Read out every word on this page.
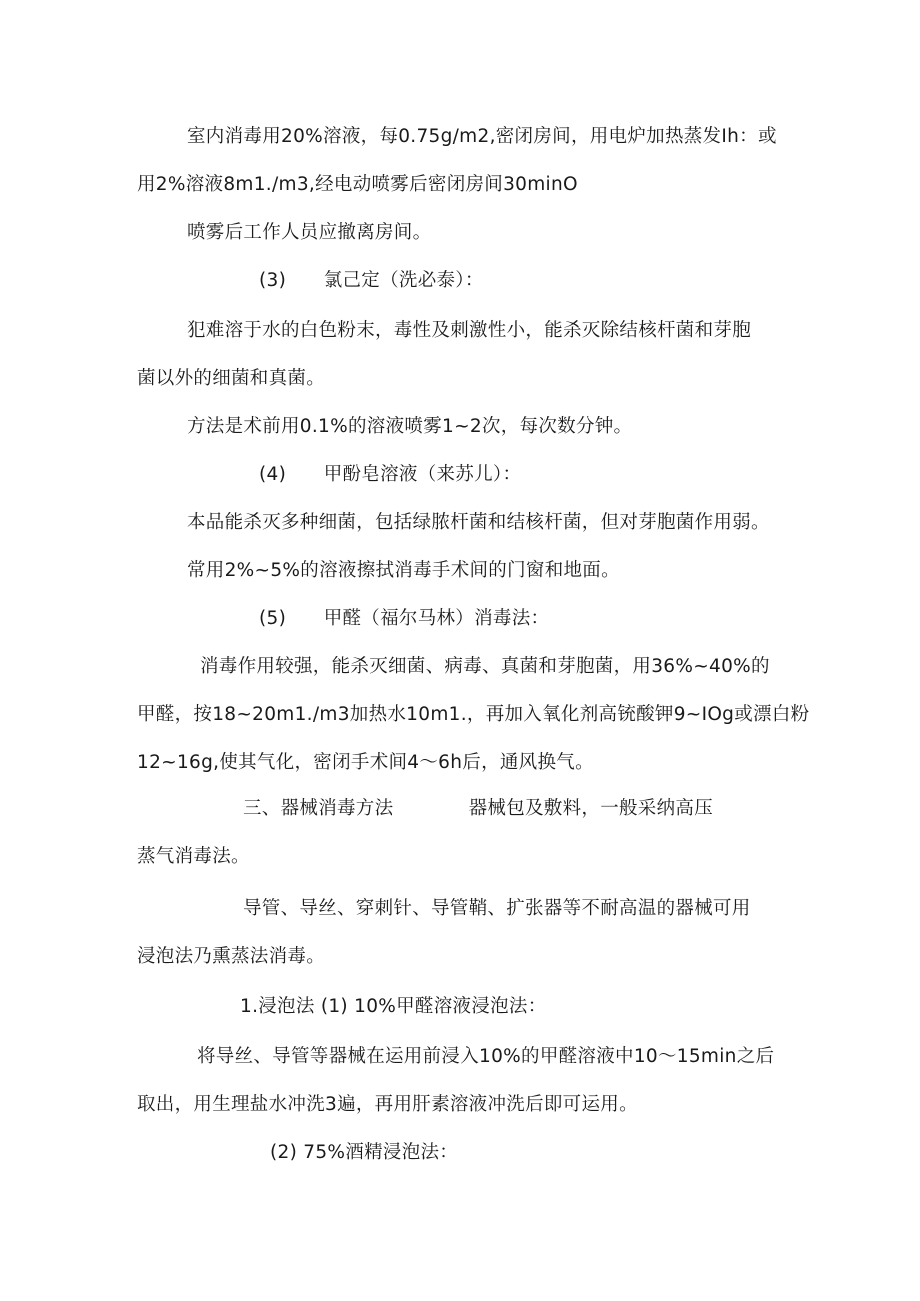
室内消毒用20%溶液，每0.75g/m2,密闭房间，用电炉加热蒸发Ih：或
用2%溶液8m1./m3,经电动喷雾后密闭房间30minO
喷雾后工作人员应撤离房间。
(3)　　氯己定（洗必泰）：
犯难溶于水的白色粉末，毒性及刺激性小，能杀灭除结核杆菌和芽胞
菌以外的细菌和真菌。
方法是术前用0.1%的溶液喷雾1~2次，每次数分钟。
(4)　　甲酚皂溶液（来苏儿）：
本品能杀灭多种细菌，包括绿脓杆菌和结核杆菌，但对芽胞菌作用弱。
常用2%~5%的溶液擦拭消毒手术间的门窗和地面。
(5)　　甲醛（福尔马林）消毒法：
消毒作用较强，能杀灭细菌、病毒、真菌和芽胞菌，用36%~40%的
甲醛，按18~20m1./m3加热水10m1.，再加入氧化剂高铳酸钾9~IOg或漂白粉
12~16g,使其气化，密闭手术间4〜6h后，通风换气。
三、器械消毒方法　　　　器械包及敷料，一般采纳高压
蒸气消毒法。
导管、导丝、穿刺针、导管鞘、扩张器等不耐高温的器械可用
浸泡法乃熏蒸法消毒。
1.浸泡法 (1) 10%甲醛溶液浸泡法：
将导丝、导管等器械在运用前浸入10%的甲醛溶液中10〜15min之后
取出，用生理盐水冲洗3遍，再用肝素溶液冲洗后即可运用。
(2) 75%酒精浸泡法：
